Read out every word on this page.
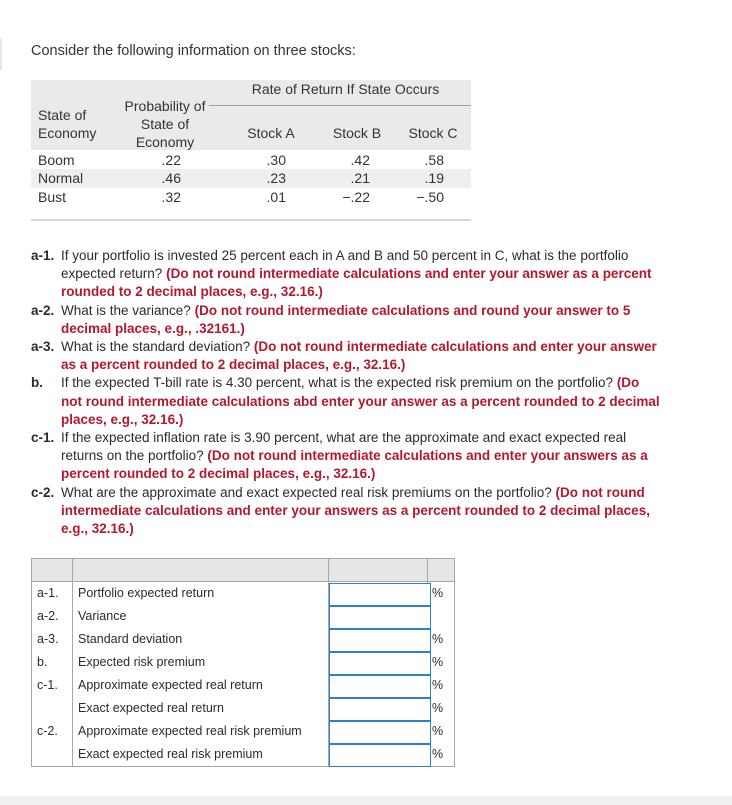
Consider the following information on three stocks:
Rate of Return If State Occurs
State of
Economy
Probability of
State of
Economy
Stock A	Stock B	Stock C
Boom	.22	.30	.42	.58
Normal	.46	.23	.21	.19
Bust	.32	.01	−.22	−.50
a-1. If your portfolio is invested 25 percent each in A and B and 50 percent in C, what is the portfolio expected return? (Do not round intermediate calculations and enter your answer as a percent rounded to 2 decimal places, e.g., 32.16.)
a-2. What is the variance? (Do not round intermediate calculations and round your answer to 5 decimal places, e.g., .32161.)
a-3. What is the standard deviation? (Do not round intermediate calculations and enter your answer as a percent rounded to 2 decimal places, e.g., 32.16.)
b. If the expected T-bill rate is 4.30 percent, what is the expected risk premium on the portfolio? (Do not round intermediate calculations abd enter your answer as a percent rounded to 2 decimal places, e.g., 32.16.)
c-1. If the expected inflation rate is 3.90 percent, what are the approximate and exact expected real returns on the portfolio? (Do not round intermediate calculations and enter your answers as a percent rounded to 2 decimal places, e.g., 32.16.)
c-2. What are the approximate and exact expected real risk premiums on the portfolio? (Do not round intermediate calculations and enter your answers as a percent rounded to 2 decimal places, e.g., 32.16.)
a-1. Portfolio expected return	%
a-2. Variance
a-3. Standard deviation	%
b. Expected risk premium	%
c-1. Approximate expected real return	%
Exact expected real return	%
c-2. Approximate expected real risk premium	%
Exact expected real risk premium	%
